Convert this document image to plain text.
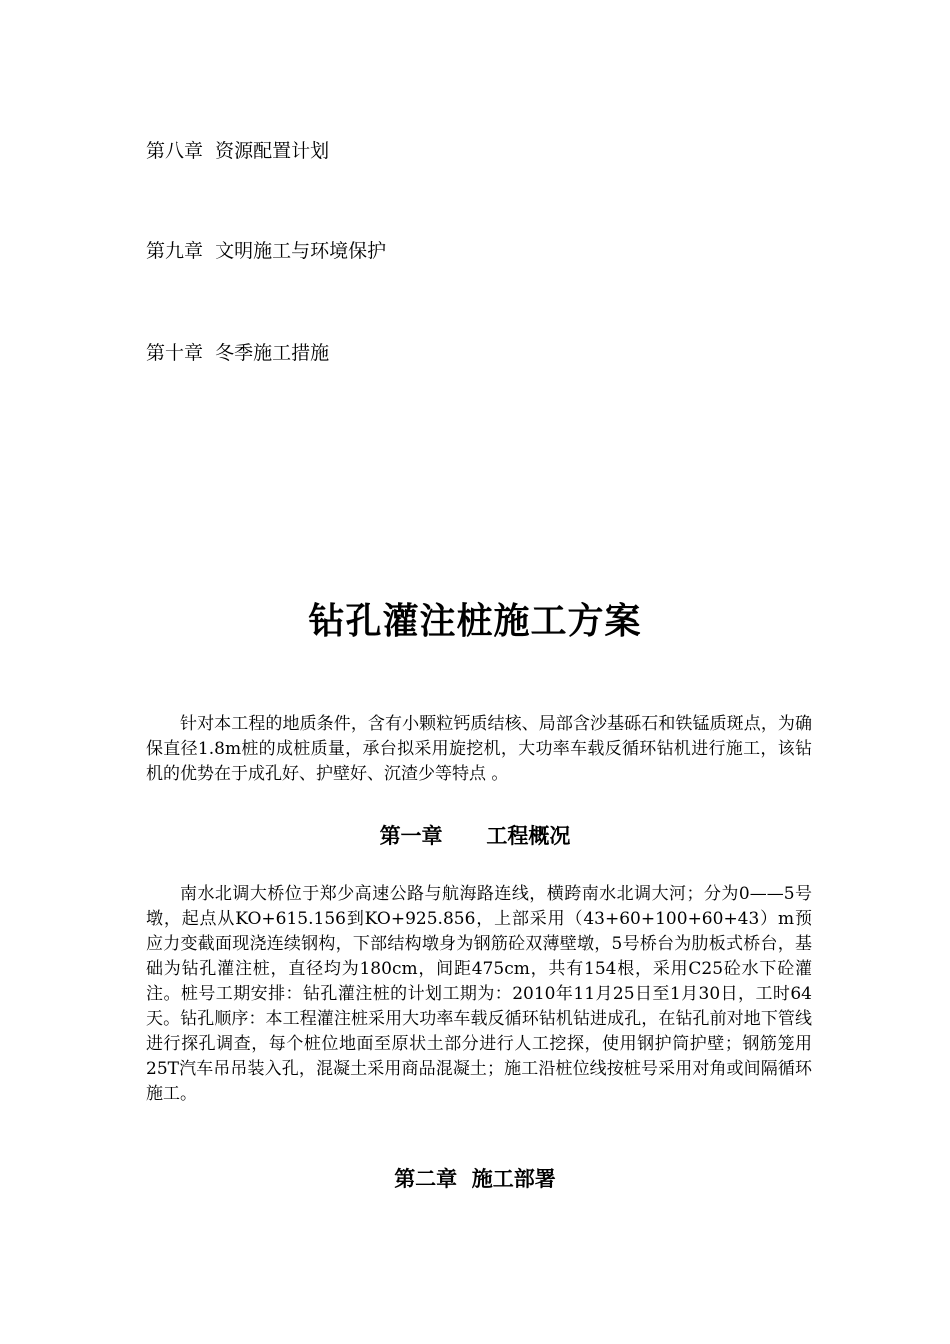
第八章  资源配置计划
第九章  文明施工与环境保护
第十章  冬季施工措施
钻孔灌注桩施工方案

针对本工程的地质条件，含有小颗粒钙质结核、局部含沙基砾石和铁锰质斑点，为确保直径1.8m桩的成桩质量，承台拟采用旋挖机，大功率车载反循环钻机进行施工，该钻机的优势在于成孔好、护壁好、沉渣少等特点 。

第一章      工程概况

南水北调大桥位于郑少高速公路与航海路连线，横跨南水北调大河；分为0——5号墩，起点从KO+615.156到KO+925.856，上部采用（43+60+100+60+43）m预应力变截面现浇连续钢构，下部结构墩身为钢筋砼双薄壁墩，5号桥台为肋板式桥台，基础为钻孔灌注桩，直径均为180cm，间距475cm，共有154根，采用C25砼水下砼灌注。桩号工期安排：钻孔灌注桩的计划工期为：2010年11月25日至1月30日，工时64天。钻孔顺序：本工程灌注桩采用大功率车载反循环钻机钻进成孔，在钻孔前对地下管线进行探孔调查，每个桩位地面至原状土部分进行人工挖探，使用钢护筒护壁；钢筋笼用25T汽车吊吊装入孔，混凝土采用商品混凝土；施工沿桩位线按桩号采用对角或间隔循环施工。

第二章  施工部署
